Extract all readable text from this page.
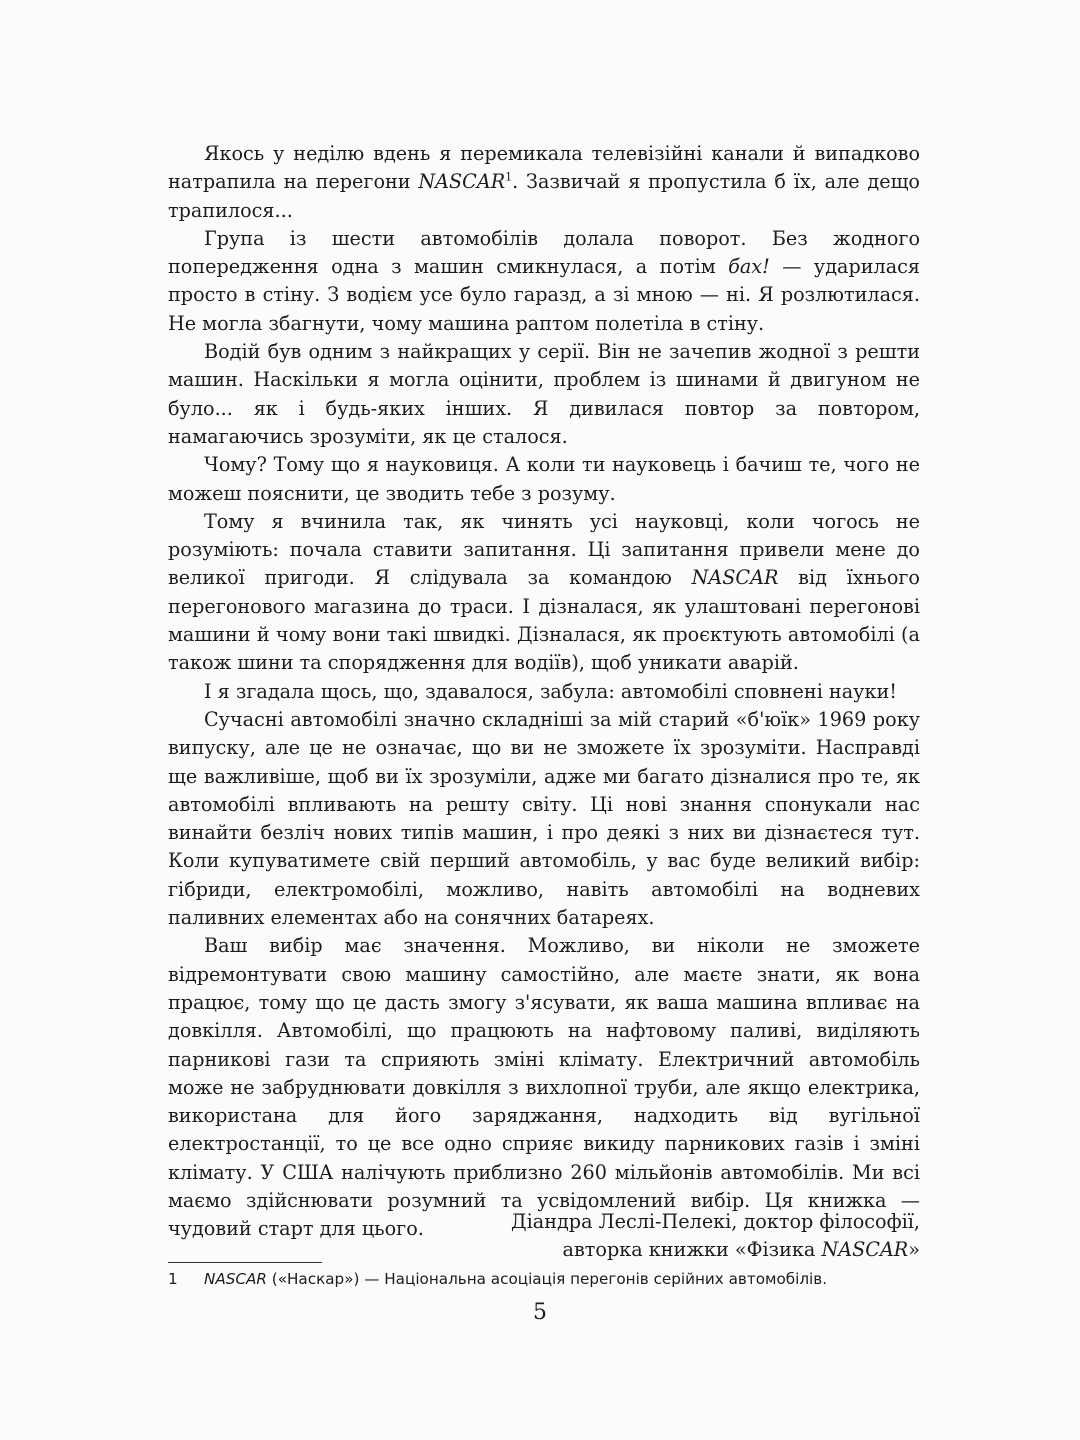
Якось у неділю вдень я перемикала телевізійні канали й випадково натрапила на перегони NASCAR$^1$. Зазвичай я пропустила б їх, але дещо трапилося...

Група із шести автомобілів долала поворот. Без жодного попередження одна з машин смикнулася, а потім бах! — ударилася просто в стіну. З водієм усе було гаразд, а зі мною — ні. Я розлютилася. Не могла збагнути, чому машина раптом полетіла в стіну.

Водій був одним з найкращих у серії. Він не зачепив жодної з решти машин. Наскільки я могла оцінити, проблем із шинами й двигуном не було... як і будь-яких інших. Я дивилася повтор за повтором, намагаючись зрозуміти, як це сталося.

Чому? Тому що я науковиця. А коли ти науковець і бачиш те, чого не можеш пояснити, це зводить тебе з розуму.

Тому я вчинила так, як чинять усі науковці, коли чогось не розуміють: почала ставити запитання. Ці запитання привели мене до великої пригоди. Я слідувала за командою NASCAR від їхнього перегонового магазина до траси. І дізналася, як улаштовані перегонові машини й чому вони такі швидкі. Дізналася, як проєктують автомобілі (а також шини та спорядження для водіїв), щоб уникати аварій.

І я згадала щось, що, здавалося, забула: автомобілі сповнені науки!

Сучасні автомобілі значно складніші за мій старий «б'юїк» 1969 року випуску, але це не означає, що ви не зможете їх зрозуміти. Насправді ще важливіше, щоб ви їх зрозуміли, адже ми багато дізналися про те, як автомобілі впливають на решту світу. Ці нові знання спонукали нас винайти безліч нових типів машин, і про деякі з них ви дізнаєтеся тут. Коли купуватимете свій перший автомобіль, у вас буде великий вибір: гібриди, електромобілі, можливо, навіть автомобілі на водневих паливних елементах або на сонячних батареях.

Ваш вибір має значення. Можливо, ви ніколи не зможете відремонтувати свою машину самостійно, але маєте знати, як вона працює, тому що це дасть змогу з'ясувати, як ваша машина впливає на довкілля. Автомобілі, що працюють на нафтовому паливі, виділяють парникові гази та сприяють зміні клімату. Електричний автомобіль може не забруднювати довкілля з вихлопної труби, але якщо електрика, використана для його заряджання, надходить від вугільної електростанції, то це все одно сприяє викиду парникових газів і зміні клімату. У США налічують приблизно 260 мільйонів автомобілів. Ми всі маємо здійснювати розумний та усвідомлений вибір. Ця книжка — чудовий старт для цього.	Діандра Леслі-Пелекі, доктор філософії,
авторка книжки «Фізика NASCAR»
1 NASCAR («Наскар») — Національна асоціація перегонів серійних автомобілів.
5
